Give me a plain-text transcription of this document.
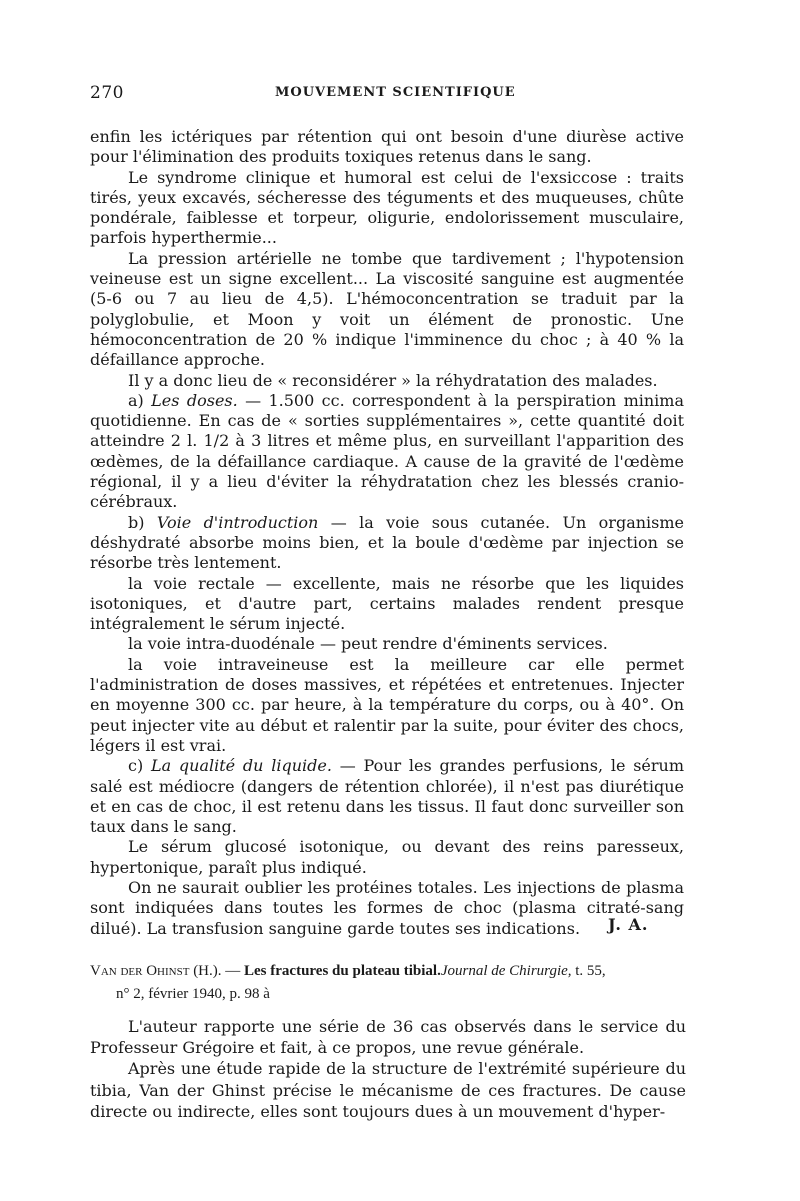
270	MOUVEMENT SCIENTIFIQUE

enfin les ictériques par rétention qui ont besoin d'une diurèse active pour l'élimination des produits toxiques retenus dans le sang.

Le syndrome clinique et humoral est celui de l'exsiccose : traits tirés, yeux excavés, sécheresse des téguments et des muqueuses, chûte pondérale, faiblesse et torpeur, oligurie, endolorissement musculaire, parfois hyperthermie...

La pression artérielle ne tombe que tardivement ; l'hypotension veineuse est un signe excellent... La viscosité sanguine est augmentée (5-6 ou 7 au lieu de 4,5). L'hémoconcentration se traduit par la polyglobulie, et Moon y voit un élément de pronostic. Une hémoconcentration de 20 % indique l'imminence du choc ; à 40 % la défaillance approche.

Il y a donc lieu de « reconsidérer » la réhydratation des malades.

a) Les doses. — 1.500 cc. correspondent à la perspiration minima quotidienne. En cas de « sorties supplémentaires », cette quantité doit atteindre 2 l. 1/2 à 3 litres et même plus, en surveillant l'apparition des œdèmes, de la défaillance cardiaque. A cause de la gravité de l'œdème régional, il y a lieu d'éviter la réhydratation chez les blessés cranio-cérébraux.

b) Voie d'introduction — la voie sous cutanée. Un organisme déshydraté absorbe moins bien, et la boule d'œdème par injection se résorbe très lentement.

la voie rectale — excellente, mais ne résorbe que les liquides isotoniques, et d'autre part, certains malades rendent presque intégralement le sérum injecté.

la voie intra-duodénale — peut rendre d'éminents services.

la voie intraveineuse est la meilleure car elle permet l'administration de doses massives, et répétées et entretenues. Injecter en moyenne 300 cc. par heure, à la température du corps, ou à 40°. On peut injecter vite au début et ralentir par la suite, pour éviter des chocs, légers il est vrai.

c) La qualité du liquide. — Pour les grandes perfusions, le sérum salé est médiocre (dangers de rétention chlorée), il n'est pas diurétique et en cas de choc, il est retenu dans les tissus. Il faut donc surveiller son taux dans le sang.

Le sérum glucosé isotonique, ou devant des reins paresseux, hypertonique, paraît plus indiqué.

On ne saurait oublier les protéines totales. Les injections de plasma sont indiquées dans toutes les formes de choc (plasma citraté-sang dilué). La transfusion sanguine garde toutes ses indications.	J. A.
Van der Ohinst (H.). — Les fractures du plateau tibial.Journal de Chirurgie, t. 55,
n° 2, février 1940, p. 98 à

L'auteur rapporte une série de 36 cas observés dans le service du Professeur Grégoire et fait, à ce propos, une revue générale.

Après une étude rapide de la structure de l'extrémité supérieure du tibia, Van der Ghinst précise le mécanisme de ces fractures. De cause directe ou indirecte, elles sont toujours dues à un mouvement d'hyper-
